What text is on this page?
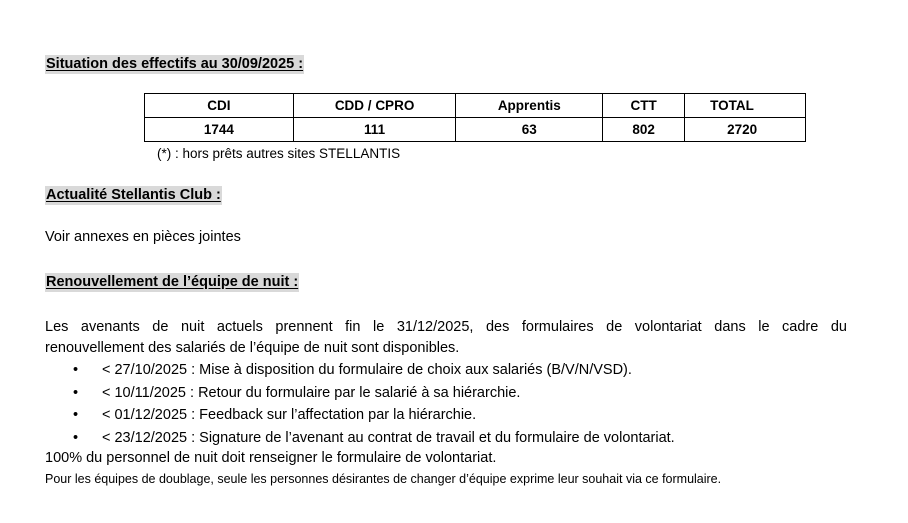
Situation des effectifs au 30/09/2025 :
CDI	CDD / CPRO	Apprentis	CTT	TOTAL
1744	111	63	802	2720
(*) : hors prêts autres sites STELLANTIS
Actualité Stellantis Club :
Voir annexes en pièces jointes
Renouvellement de l’équipe de nuit :
Les avenants de nuit actuels prennent fin le 31/12/2025, des formulaires de volontariat dans le cadre du
renouvellement des salariés de l’équipe de nuit sont disponibles.
• < 27/10/2025 : Mise à disposition du formulaire de choix aux salariés (B/V/N/VSD).
• < 10/11/2025 : Retour du formulaire par le salarié à sa hiérarchie.
• < 01/12/2025 : Feedback sur l’affectation par la hiérarchie.
• < 23/12/2025 : Signature de l’avenant au contrat de travail et du formulaire de volontariat.
100% du personnel de nuit doit renseigner le formulaire de volontariat.
Pour les équipes de doublage, seule les personnes désirantes de changer d’équipe exprime leur souhait via ce formulaire.
